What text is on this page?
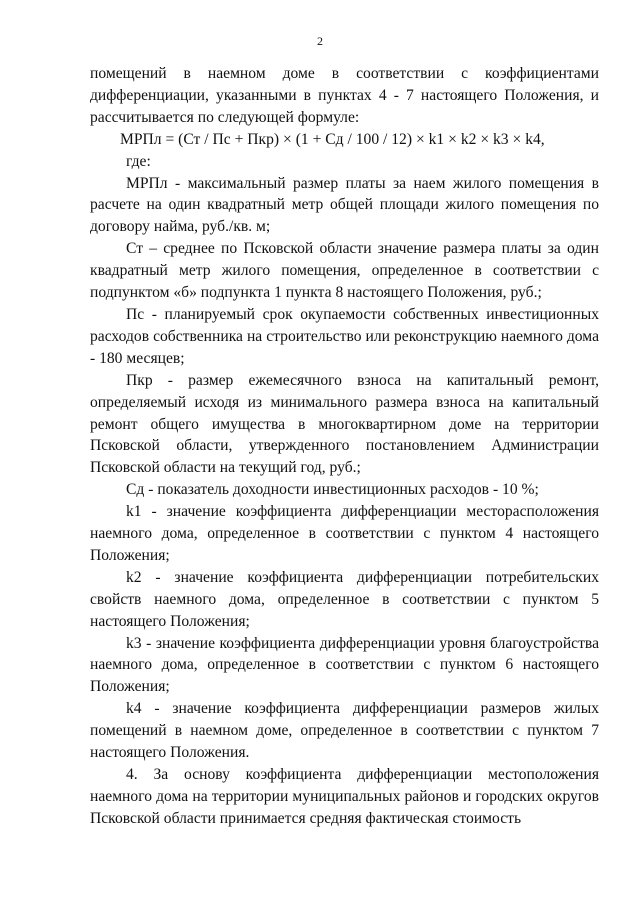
2

помещений в наемном доме в соответствии с коэффициентами дифференциации, указанными в пунктах 4 - 7 настоящего Положения, и рассчитывается по следующей формуле:

МРПл = (Ст / Пс + Пкр) × (1 + Сд / 100 / 12) × k1 × k2 × k3 × k4,

где:

МРПл - максимальный размер платы за наем жилого помещения в расчете на один квадратный метр общей площади жилого помещения по договору найма, руб./кв. м;

Ст – среднее по Псковской области значение размера платы за один квадратный метр жилого помещения, определенное в соответствии с подпунктом «б» подпункта 1 пункта 8 настоящего Положения, руб.;

Пс - планируемый срок окупаемости собственных инвестиционных расходов собственника на строительство или реконструкцию наемного дома - 180 месяцев;

Пкр - размер ежемесячного взноса на капитальный ремонт, определяемый исходя из минимального размера взноса на капитальный ремонт общего имущества в многоквартирном доме на территории Псковской области, утвержденного постановлением Администрации Псковской области на текущий год, руб.;

Сд - показатель доходности инвестиционных расходов - 10 %;

k1 - значение коэффициента дифференциации месторасположения наемного дома, определенное в соответствии с пунктом 4 настоящего Положения;

k2 - значение коэффициента дифференциации потребительских свойств наемного дома, определенное в соответствии с пунктом 5 настоящего Положения;

k3 - значение коэффициента дифференциации уровня благоустройства наемного дома, определенное в соответствии с пунктом 6 настоящего Положения;

k4 - значение коэффициента дифференциации размеров жилых помещений в наемном доме, определенное в соответствии с пунктом 7 настоящего Положения.

4. За основу коэффициента дифференциации местоположения наемного дома на территории муниципальных районов и городских округов Псковской области принимается средняя фактическая стоимость
